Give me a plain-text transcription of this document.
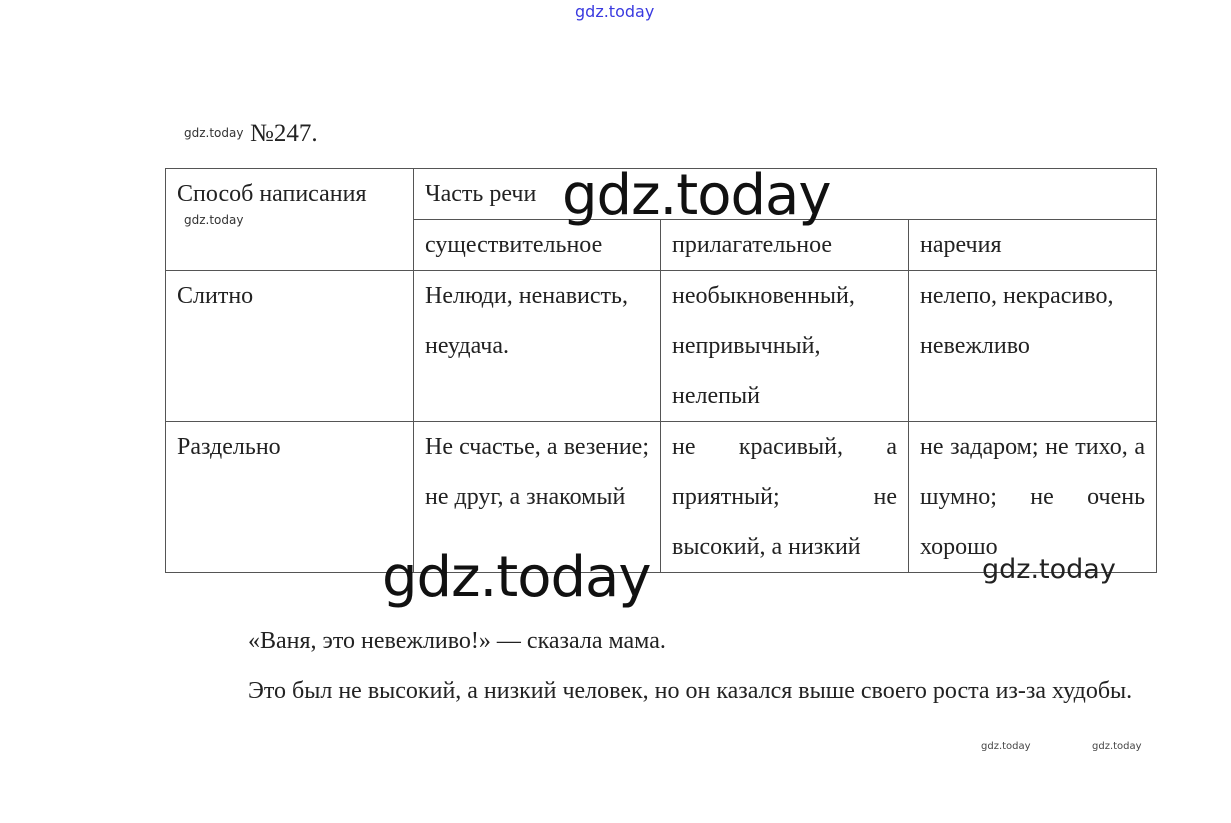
gdz.today
gdz.today №247.
Способ написания	Часть речи		
	существительное	прилагательное	наречия
Слитно	Нелюди, ненависть, неудача.	необыкновенный, непривычный, нелепый	нелепо, некрасиво, невежливо
Раздельно	Не счастье, а везение; не друг, а знакомый	не красивый, а приятный; не высокий, а низкий	не задаром; не тихо, а шумно; не очень хорошо
gdz.today	gdz.today
gdz.today	gdz.today

«Ваня, это невежливо!» — сказала мама.

Это был не высокий, а низкий человек, но он казался выше своего роста из-за худобы.

gdz.today	gdz.today
